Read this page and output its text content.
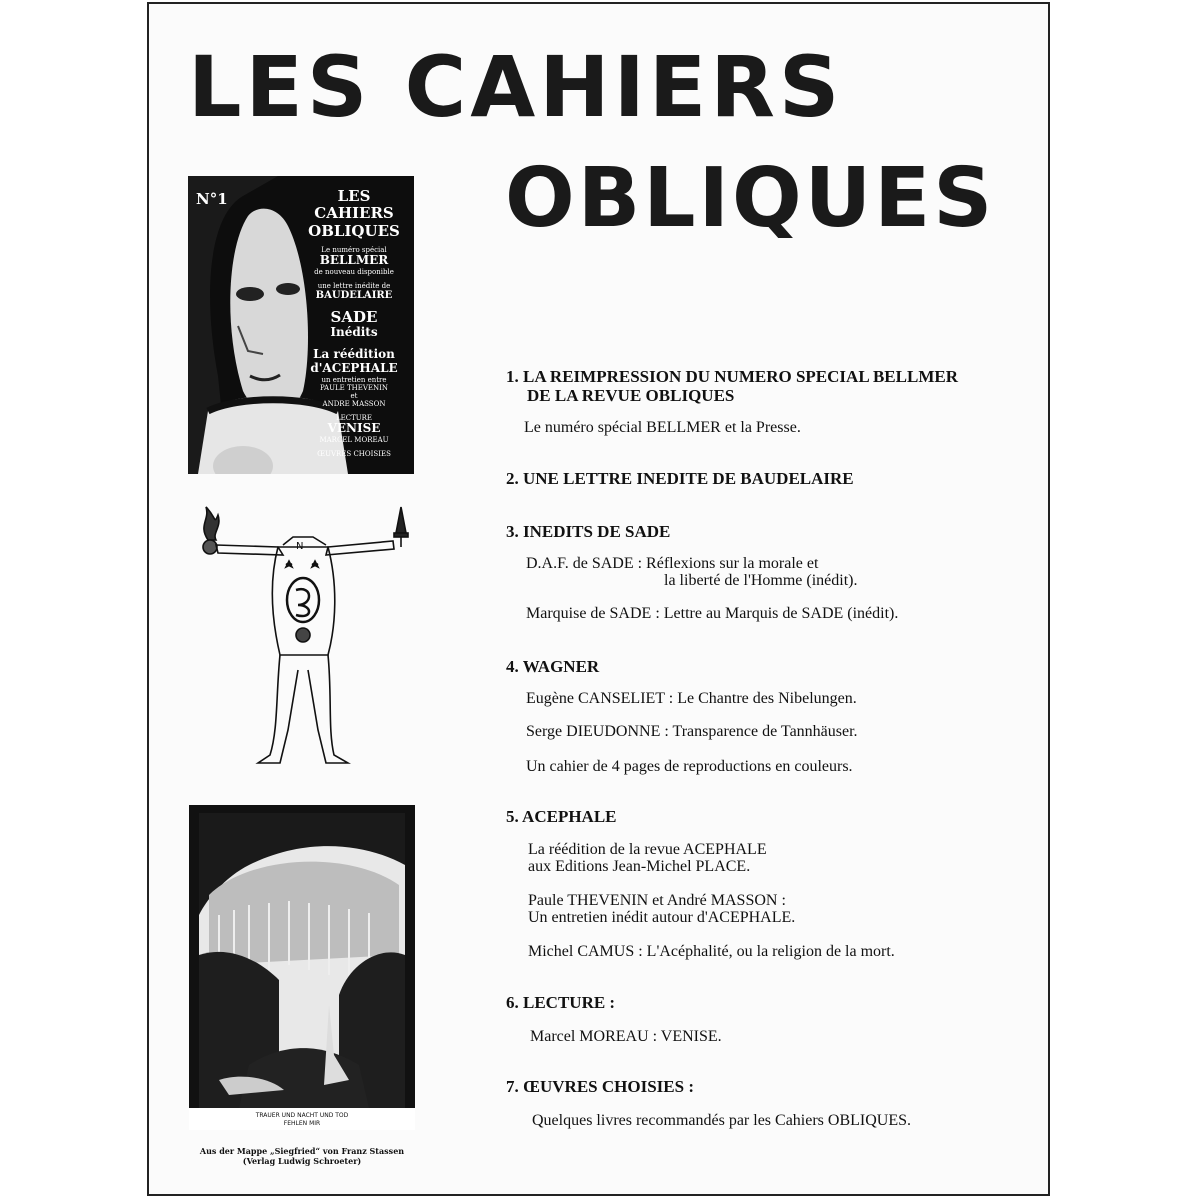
LES CAHIERS
OBLIQUES
N°1	LES CAHIERS
OBLIQUES
Le numéro spécial
BELLMER
de nouveau disponible
une lettre inédite de
BAUDELAIRE
SADE
Inédits
La réédition
d'ACEPHALE
un entretien entre
PAULE THEVENIN
et
ANDRE MASSON
LECTURE
VENISE
MARCEL MOREAU
ŒUVRES CHOISIES
N
TRAUER UND NACHT UND TOD
FEHLEN MIR
Aus der Mappe „Siegfried“ von Franz Stassen (Verlag Ludwig Schroeter)
1. LA REIMPRESSION DU NUMERO SPECIAL BELLMER
DE LA REVUE OBLIQUES
Le numéro spécial BELLMER et la Presse.
2. UNE LETTRE INEDITE DE BAUDELAIRE
3. INEDITS DE SADE
D.A.F. de SADE : Réflexions sur la morale et
la liberté de l'Homme (inédit).
Marquise de SADE : Lettre au Marquis de SADE (inédit).
4. WAGNER
Eugène CANSELIET : Le Chantre des Nibelungen.
Serge DIEUDONNE : Transparence de Tannhäuser.
Un cahier de 4 pages de reproductions en couleurs.
5. ACEPHALE
La réédition de la revue ACEPHALE
aux Editions Jean-Michel PLACE.
Paule THEVENIN et André MASSON :
Un entretien inédit autour d'ACEPHALE.
Michel CAMUS : L'Acéphalité, ou la religion de la mort.
6. LECTURE :
Marcel MOREAU : VENISE.
7. ŒUVRES CHOISIES :
Quelques livres recommandés par les Cahiers OBLIQUES.
